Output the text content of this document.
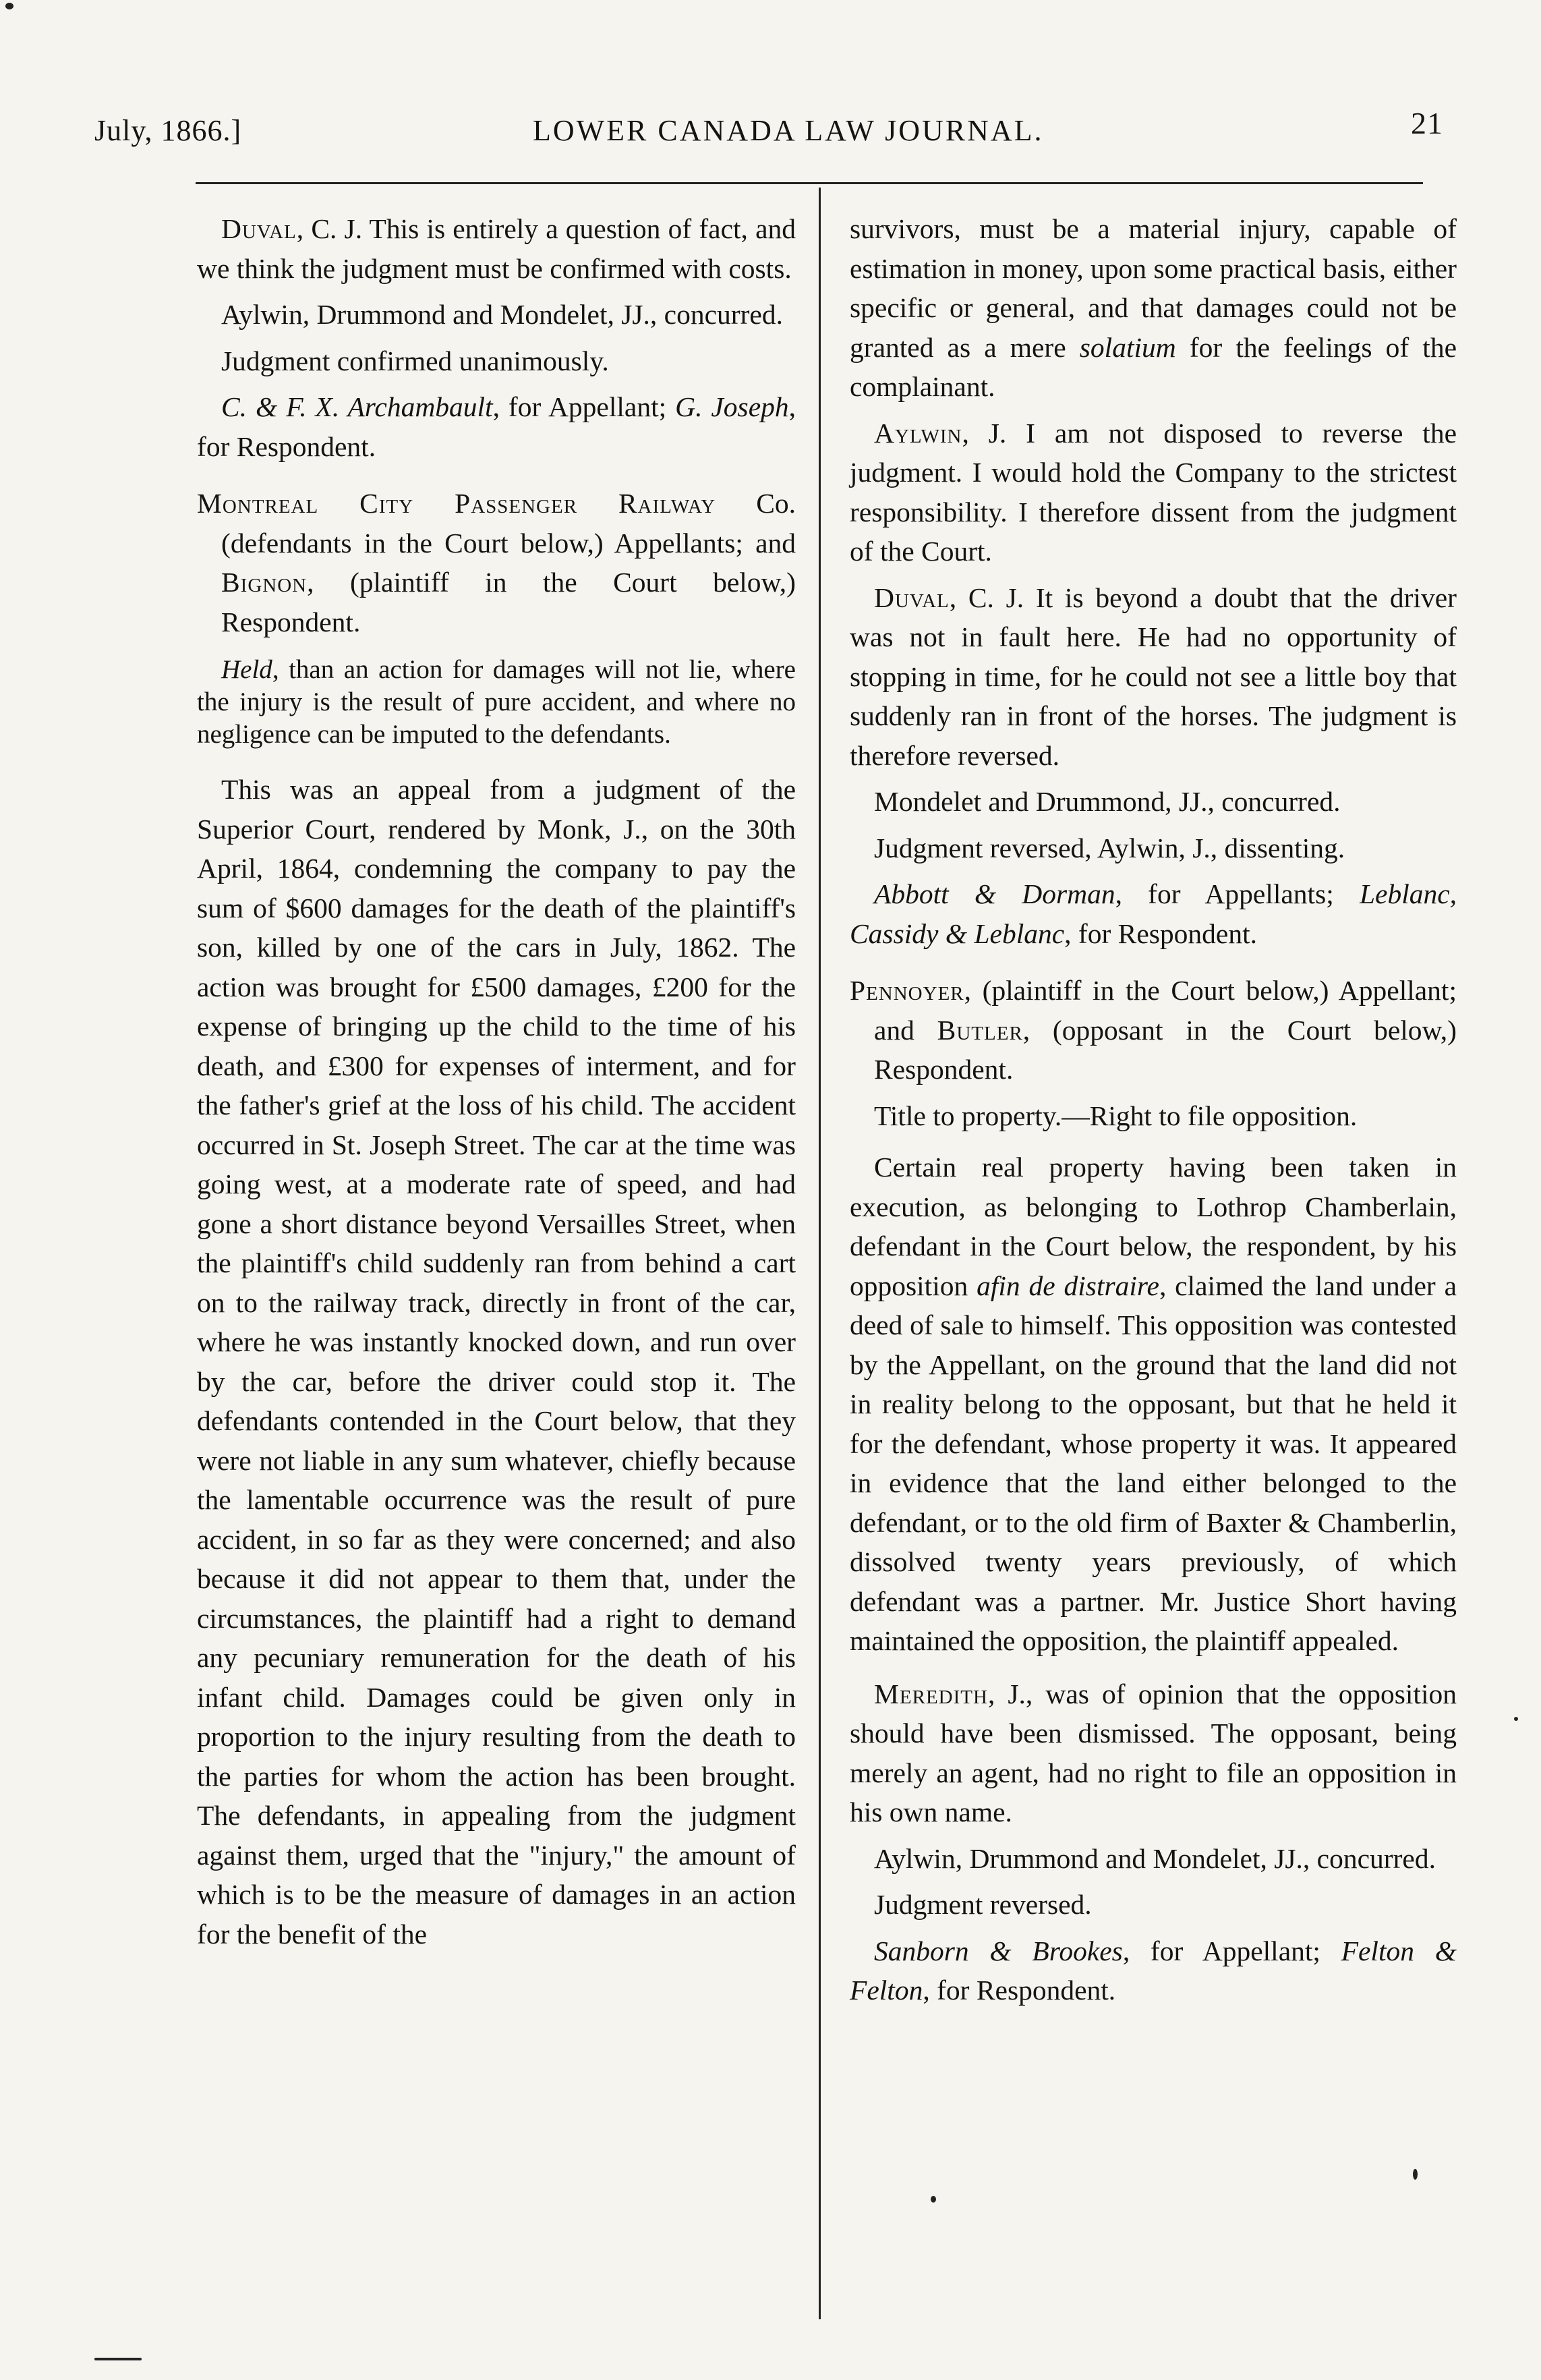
July, 1866.]	LOWER CANADA LAW JOURNAL.	21

Duval, C. J. This is entirely a question of fact, and we think the judgment must be confirmed with costs.

Aylwin, Drummond and Mondelet, JJ., concurred.

Judgment confirmed unanimously.

C. & F. X. Archambault, for Appellant; G. Joseph, for Respondent.

Montreal City Passenger Railway Co. (defendants in the Court below,) Appellants; and Bignon, (plaintiff in the Court below,) Respondent.

Held, than an action for damages will not lie, where the injury is the result of pure accident, and where no negligence can be imputed to the defendants.

This was an appeal from a judgment of the Superior Court, rendered by Monk, J., on the 30th April, 1864, condemning the company to pay the sum of $600 damages for the death of the plaintiff's son, killed by one of the cars in July, 1862. The action was brought for £500 damages, £200 for the expense of bringing up the child to the time of his death, and £300 for expenses of interment, and for the father's grief at the loss of his child. The accident occurred in St. Joseph Street. The car at the time was going west, at a moderate rate of speed, and had gone a short distance beyond Versailles Street, when the plaintiff's child suddenly ran from behind a cart on to the railway track, directly in front of the car, where he was instantly knocked down, and run over by the car, before the driver could stop it. The defendants contended in the Court below, that they were not liable in any sum whatever, chiefly because the lamentable occurrence was the result of pure accident, in so far as they were concerned; and also because it did not appear to them that, under the circumstances, the plaintiff had a right to demand any pecuniary remuneration for the death of his infant child. Damages could be given only in proportion to the injury resulting from the death to the parties for whom the action has been brought. The defendants, in appealing from the judgment against them, urged that the "injury," the amount of which is to be the measure of damages in an action for the benefit of the

survivors, must be a material injury, capable of estimation in money, upon some practical basis, either specific or general, and that damages could not be granted as a mere solatium for the feelings of the complainant.

Aylwin, J. I am not disposed to reverse the judgment. I would hold the Company to the strictest responsibility. I therefore dissent from the judgment of the Court.

Duval, C. J. It is beyond a doubt that the driver was not in fault here. He had no opportunity of stopping in time, for he could not see a little boy that suddenly ran in front of the horses. The judgment is therefore reversed.

Mondelet and Drummond, JJ., concurred.

Judgment reversed, Aylwin, J., dissenting.

Abbott & Dorman, for Appellants; Leblanc, Cassidy & Leblanc, for Respondent.

Pennoyer, (plaintiff in the Court below,) Appellant; and Butler, (opposant in the Court below,) Respondent.

Title to property.—Right to file opposition.

Certain real property having been taken in execution, as belonging to Lothrop Chamberlain, defendant in the Court below, the respondent, by his opposition afin de distraire, claimed the land under a deed of sale to himself. This opposition was contested by the Appellant, on the ground that the land did not in reality belong to the opposant, but that he held it for the defendant, whose property it was. It appeared in evidence that the land either belonged to the defendant, or to the old firm of Baxter & Chamberlin, dissolved twenty years previously, of which defendant was a partner. Mr. Justice Short having maintained the opposition, the plaintiff appealed.

Meredith, J., was of opinion that the opposition should have been dismissed. The opposant, being merely an agent, had no right to file an opposition in his own name.

Aylwin, Drummond and Mondelet, JJ., concurred.

Judgment reversed.

Sanborn & Brookes, for Appellant; Felton & Felton, for Respondent.
